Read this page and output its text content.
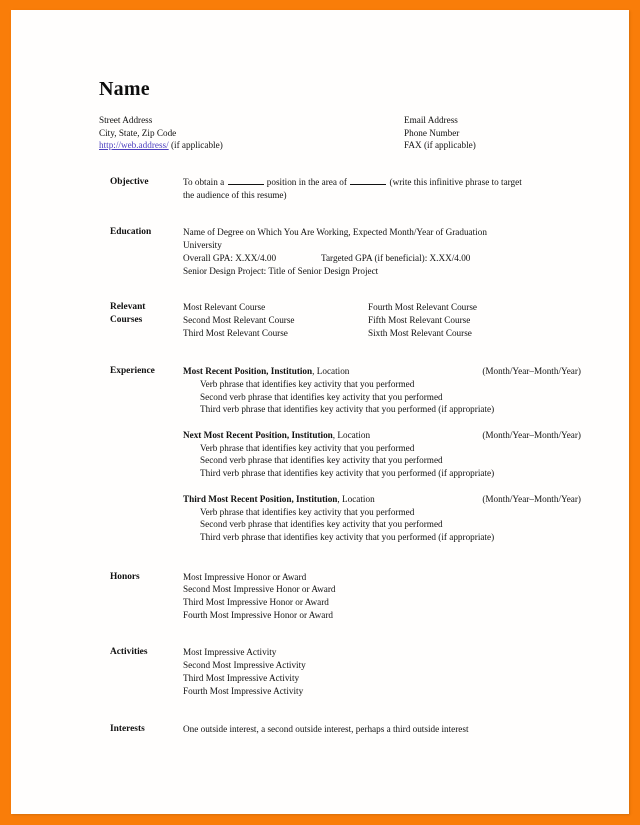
Name
Street Address
City, State, Zip Code
http://web.address/ (if applicable)
Email Address
Phone Number
FAX (if applicable)
Objective	To obtain a	position in the area of	(write this infinitive phrase to target
the audience of this resume)
Education	Name of Degree on Which You Are Working, Expected Month/Year of Graduation
University
Overall GPA: X.XX/4.00	Targeted GPA (if beneficial): X.XX/4.00
Senior Design Project: Title of Senior Design Project
Relevant
Courses
Most Relevant Course	Fourth Most Relevant Course
Second Most Relevant Course	Fifth Most Relevant Course
Third Most Relevant Course	Sixth Most Relevant Course
Experience	Most Recent Position, Institution, Location	(Month/Year–Month/Year)
Verb phrase that identifies key activity that you performed
Second verb phrase that identifies key activity that you performed
Third verb phrase that identifies key activity that you performed (if appropriate)
Next Most Recent Position, Institution, Location	(Month/Year–Month/Year)
Verb phrase that identifies key activity that you performed
Second verb phrase that identifies key activity that you performed
Third verb phrase that identifies key activity that you performed (if appropriate)
Third Most Recent Position, Institution, Location	(Month/Year–Month/Year)
Verb phrase that identifies key activity that you performed
Second verb phrase that identifies key activity that you performed
Third verb phrase that identifies key activity that you performed (if appropriate)
Honors	Most Impressive Honor or Award
Second Most Impressive Honor or Award
Third Most Impressive Honor or Award
Fourth Most Impressive Honor or Award
Activities	Most Impressive Activity
Second Most Impressive Activity
Third Most Impressive Activity
Fourth Most Impressive Activity
Interests	One outside interest, a second outside interest, perhaps a third outside interest
